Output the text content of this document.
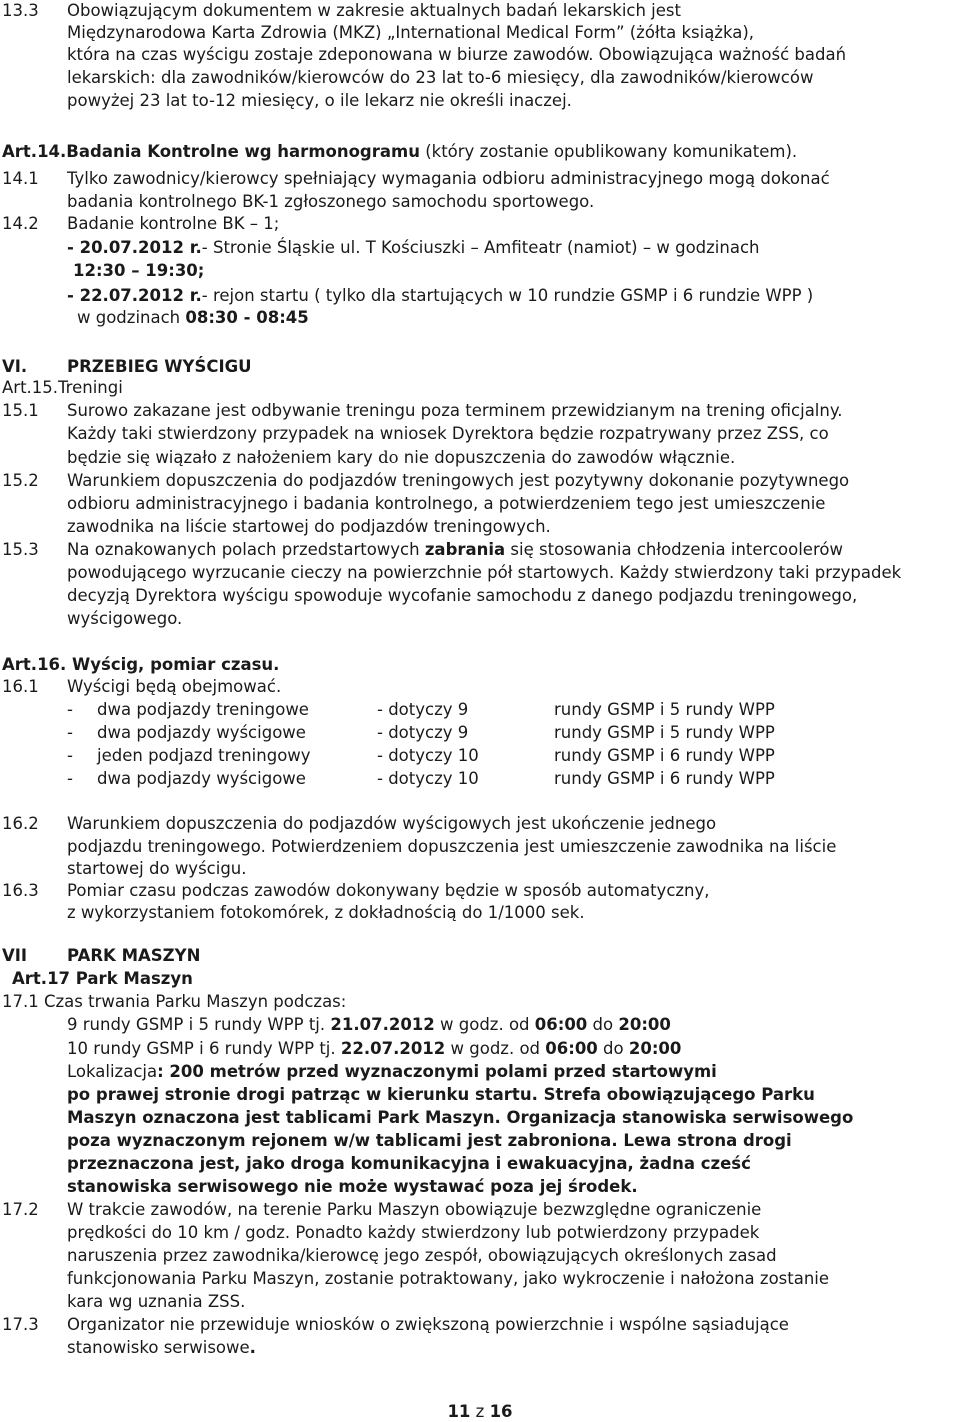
13.3 Obowiązującym dokumentem w zakresie aktualnych badań lekarskich jest
Międzynarodowa Karta Zdrowia (MKZ) „International Medical Form” (żółta książka),
która na czas wyścigu zostaje zdeponowana w biurze zawodów. Obowiązująca ważność badań
lekarskich: dla zawodników/kierowców do 23 lat to-6 miesięcy, dla zawodników/kierowców
powyżej 23 lat to-12 miesięcy, o ile lekarz nie określi inaczej.
Art.14.Badania Kontrolne wg harmonogramu (który zostanie opublikowany komunikatem).
14.1 Tylko zawodnicy/kierowcy spełniający wymagania odbioru administracyjnego mogą dokonać
badania kontrolnego BK-1 zgłoszonego samochodu sportowego.
14.2 Badanie kontrolne BK – 1;
- 20.07.2012 r.- Stronie Śląskie ul. T Kościuszki – Amfiteatr (namiot) – w godzinach
12:30 – 19:30;
- 22.07.2012 r.- rejon startu ( tylko dla startujących w 10 rundzie GSMP i 6 rundzie WPP )
w godzinach 08:30 - 08:45
VI. PRZEBIEG WYŚCIGU
Art.15.Treningi
15.1 Surowo zakazane jest odbywanie treningu poza terminem przewidzianym na trening oficjalny.
Każdy taki stwierdzony przypadek na wniosek Dyrektora będzie rozpatrywany przez ZSS, co
będzie się wiązało z nałożeniem kary do nie dopuszczenia do zawodów włącznie.
15.2 Warunkiem dopuszczenia do podjazdów treningowych jest pozytywny dokonanie pozytywnego
odbioru administracyjnego i badania kontrolnego, a potwierdzeniem tego jest umieszczenie
zawodnika na liście startowej do podjazdów treningowych.
15.3 Na oznakowanych polach przedstartowych zabrania się stosowania chłodzenia intercoolerów
powodującego wyrzucanie cieczy na powierzchnie pół startowych. Każdy stwierdzony taki przypadek
decyzją Dyrektora wyścigu spowoduje wycofanie samochodu z danego podjazdu treningowego,
wyścigowego.
Art.16. Wyścig, pomiar czasu.
16.1 Wyścigi będą obejmować.
- dwa podjazdy treningowe	- dotyczy 9	rundy GSMP i 5 rundy WPP
- dwa podjazdy wyścigowe	- dotyczy 9	rundy GSMP i 5 rundy WPP
- jeden podjazd treningowy	- dotyczy 10	rundy GSMP i 6 rundy WPP
- dwa podjazdy wyścigowe	- dotyczy 10	rundy GSMP i 6 rundy WPP
16.2 Warunkiem dopuszczenia do podjazdów wyścigowych jest ukończenie jednego
podjazdu treningowego. Potwierdzeniem dopuszczenia jest umieszczenie zawodnika na liście
startowej do wyścigu.
16.3 Pomiar czasu podczas zawodów dokonywany będzie w sposób automatyczny,
z wykorzystaniem fotokomórek, z dokładnością do 1/1000 sek.
VII PARK MASZYN
Art.17 Park Maszyn
17.1 Czas trwania Parku Maszyn podczas:
9 rundy GSMP i 5 rundy WPP tj. 21.07.2012 w godz. od 06:00 do 20:00
10 rundy GSMP i 6 rundy WPP tj. 22.07.2012 w godz. od 06:00 do 20:00
Lokalizacja: 200 metrów przed wyznaczonymi polami przed startowymi
po prawej stronie drogi patrząc w kierunku startu. Strefa obowiązującego Parku
Maszyn oznaczona jest tablicami Park Maszyn. Organizacja stanowiska serwisowego
poza wyznaczonym rejonem w/w tablicami jest zabroniona. Lewa strona drogi
przeznaczona jest, jako droga komunikacyjna i ewakuacyjna, żadna cześć
stanowiska serwisowego nie może wystawać poza jej środek.
17.2 W trakcie zawodów, na terenie Parku Maszyn obowiązuje bezwzględne ograniczenie
prędkości do 10 km / godz. Ponadto każdy stwierdzony lub potwierdzony przypadek
naruszenia przez zawodnika/kierowcę jego zespół, obowiązujących określonych zasad
funkcjonowania Parku Maszyn, zostanie potraktowany, jako wykroczenie i nałożona zostanie
kara wg uznania ZSS.
17.3 Organizator nie przewiduje wniosków o zwiększoną powierzchnie i wspólne sąsiadujące
stanowisko serwisowe.
11 z 16
